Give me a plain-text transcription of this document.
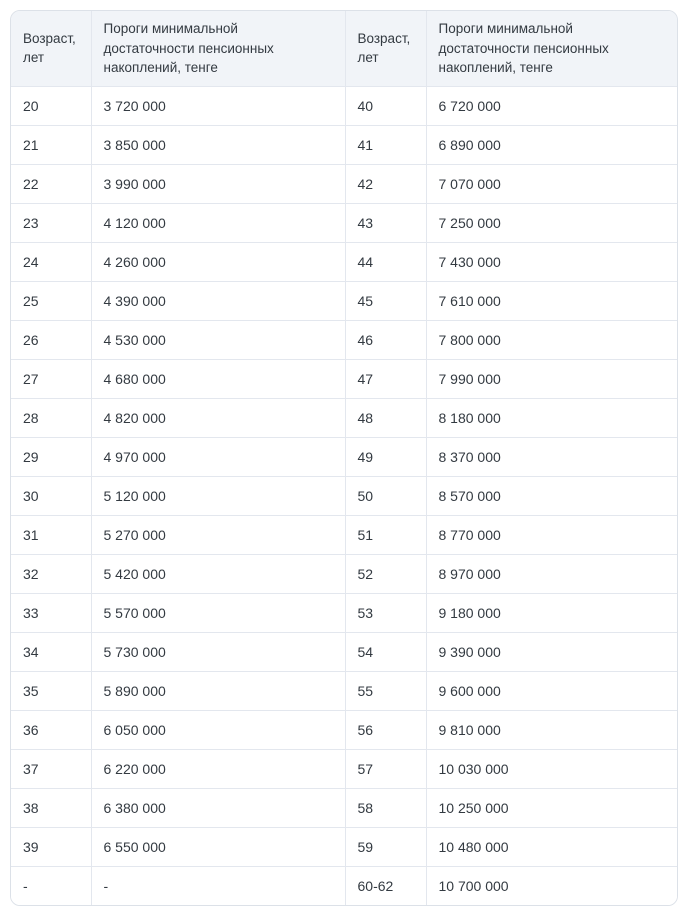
Возраст, лет	Пороги минимальной достаточности пенсионных накоплений, тенге	Возраст, лет	Пороги минимальной достаточности пенсионных накоплений, тенге
20	3 720 000	40	6 720 000
21	3 850 000	41	6 890 000
22	3 990 000	42	7 070 000
23	4 120 000	43	7 250 000
24	4 260 000	44	7 430 000
25	4 390 000	45	7 610 000
26	4 530 000	46	7 800 000
27	4 680 000	47	7 990 000
28	4 820 000	48	8 180 000
29	4 970 000	49	8 370 000
30	5 120 000	50	8 570 000
31	5 270 000	51	8 770 000
32	5 420 000	52	8 970 000
33	5 570 000	53	9 180 000
34	5 730 000	54	9 390 000
35	5 890 000	55	9 600 000
36	6 050 000	56	9 810 000
37	6 220 000	57	10 030 000
38	6 380 000	58	10 250 000
39	6 550 000	59	10 480 000
-	-	60-62	10 700 000
